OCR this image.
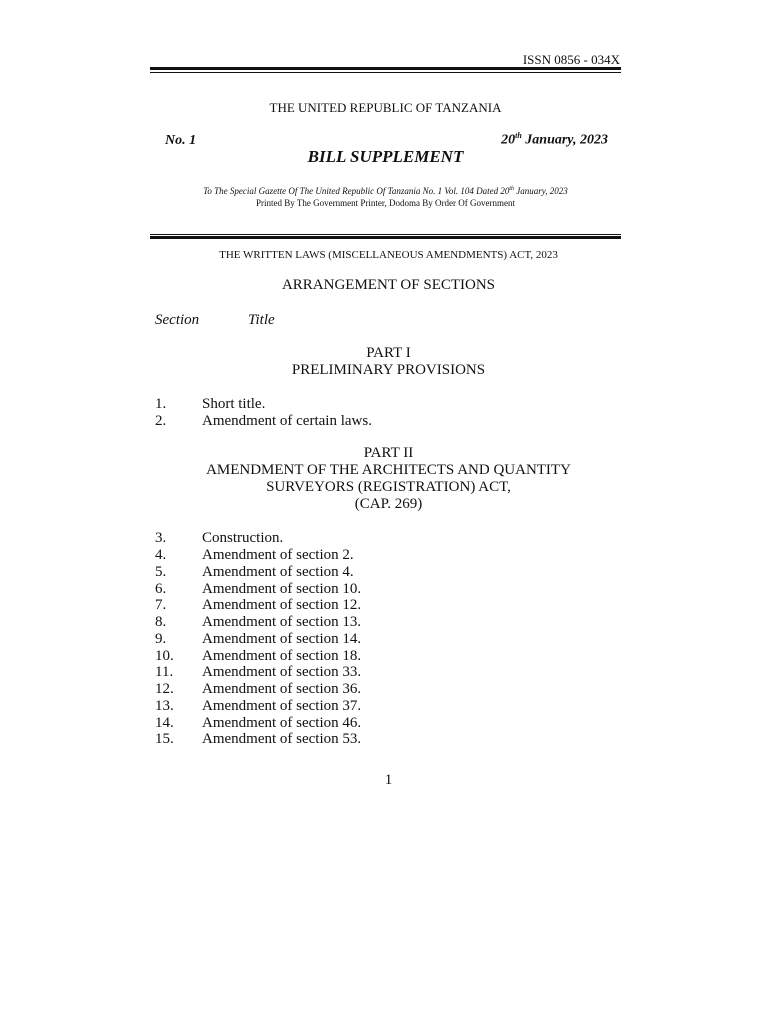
ISSN 0856 - 034X
THE UNITED REPUBLIC OF TANZANIA
No. 1	20th January, 2023
BILL SUPPLEMENT
To The Special Gazette Of The United Republic Of Tanzania No. 1 Vol. 104 Dated 20th January, 2023
Printed By The Government Printer, Dodoma By Order Of Government
THE WRITTEN LAWS (MISCELLANEOUS AMENDMENTS) ACT, 2023
ARRANGEMENT OF SECTIONS
Section	Title
PART I
PRELIMINARY PROVISIONS
1. Short title.
2. Amendment of certain laws.
PART II
AMENDMENT OF THE ARCHITECTS AND QUANTITY
SURVEYORS (REGISTRATION) ACT,
(CAP. 269)
3. Construction.
4. Amendment of section 2.
5. Amendment of section 4.
6. Amendment of section 10.
7. Amendment of section 12.
8. Amendment of section 13.
9. Amendment of section 14.
10. Amendment of section 18.
11. Amendment of section 33.
12. Amendment of section 36.
13. Amendment of section 37.
14. Amendment of section 46.
15. Amendment of section 53.
1
